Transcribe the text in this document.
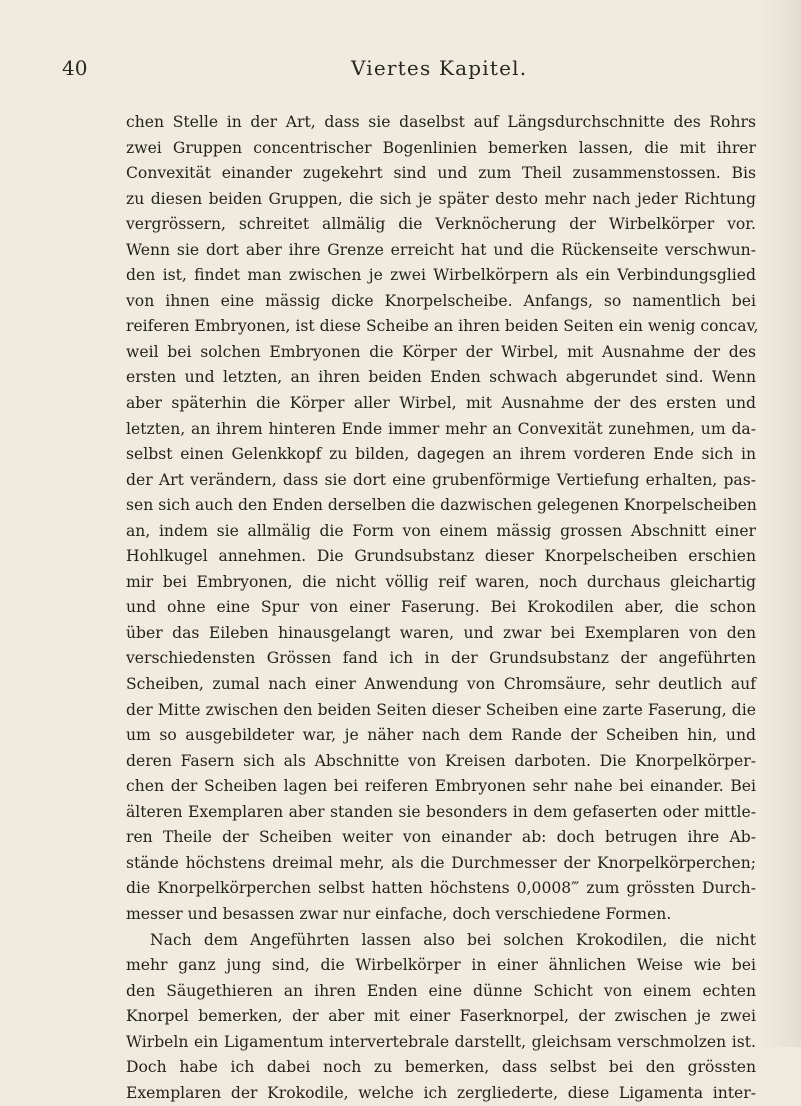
40	Viertes Kapitel.
chen Stelle in der Art, dass sie daselbst auf Längsdurchschnitte des Rohrs
zwei Gruppen concentrischer Bogenlinien bemerken lassen, die mit ihrer
Convexität einander zugekehrt sind und zum Theil zusammenstossen. Bis
zu diesen beiden Gruppen, die sich je später desto mehr nach jeder Richtung
vergrössern, schreitet allmälig die Verknöcherung der Wirbelkörper vor.
Wenn sie dort aber ihre Grenze erreicht hat und die Rückenseite verschwun-
den ist, findet man zwischen je zwei Wirbelkörpern als ein Verbindungsglied
von ihnen eine mässig dicke Knorpelscheibe. Anfangs, so namentlich bei
reiferen Embryonen, ist diese Scheibe an ihren beiden Seiten ein wenig concav,
weil bei solchen Embryonen die Körper der Wirbel, mit Ausnahme der des
ersten und letzten, an ihren beiden Enden schwach abgerundet sind. Wenn
aber späterhin die Körper aller Wirbel, mit Ausnahme der des ersten und
letzten, an ihrem hinteren Ende immer mehr an Convexität zunehmen, um da-
selbst einen Gelenkkopf zu bilden, dagegen an ihrem vorderen Ende sich in
der Art verändern, dass sie dort eine grubenförmige Vertiefung erhalten, pas-
sen sich auch den Enden derselben die dazwischen gelegenen Knorpelscheiben
an, indem sie allmälig die Form von einem mässig grossen Abschnitt einer
Hohlkugel annehmen. Die Grundsubstanz dieser Knorpelscheiben erschien
mir bei Embryonen, die nicht völlig reif waren, noch durchaus gleichartig
und ohne eine Spur von einer Faserung. Bei Krokodilen aber, die schon
über das Eileben hinausgelangt waren, und zwar bei Exemplaren von den
verschiedensten Grössen fand ich in der Grundsubstanz der angeführten
Scheiben, zumal nach einer Anwendung von Chromsäure, sehr deutlich auf
der Mitte zwischen den beiden Seiten dieser Scheiben eine zarte Faserung, die
um so ausgebildeter war, je näher nach dem Rande der Scheiben hin, und
deren Fasern sich als Abschnitte von Kreisen darboten. Die Knorpelkörper-
chen der Scheiben lagen bei reiferen Embryonen sehr nahe bei einander. Bei
älteren Exemplaren aber standen sie besonders in dem gefaserten oder mittle-
ren Theile der Scheiben weiter von einander ab: doch betrugen ihre Ab-
stände höchstens dreimal mehr, als die Durchmesser der Knorpelkörperchen;
die Knorpelkörperchen selbst hatten höchstens 0,0008‴ zum grössten Durch-
messer und besassen zwar nur einfache, doch verschiedene Formen.
Nach dem Angeführten lassen also bei solchen Krokodilen, die nicht
mehr ganz jung sind, die Wirbelkörper in einer ähnlichen Weise wie bei
den Säugethieren an ihren Enden eine dünne Schicht von einem echten
Knorpel bemerken, der aber mit einer Faserknorpel, der zwischen je zwei
Wirbeln ein Ligamentum intervertebrale darstellt, gleichsam verschmolzen ist.
Doch habe ich dabei noch zu bemerken, dass selbst bei den grössten
Exemplaren der Krokodile, welche ich zergliederte, diese Ligamenta inter-
